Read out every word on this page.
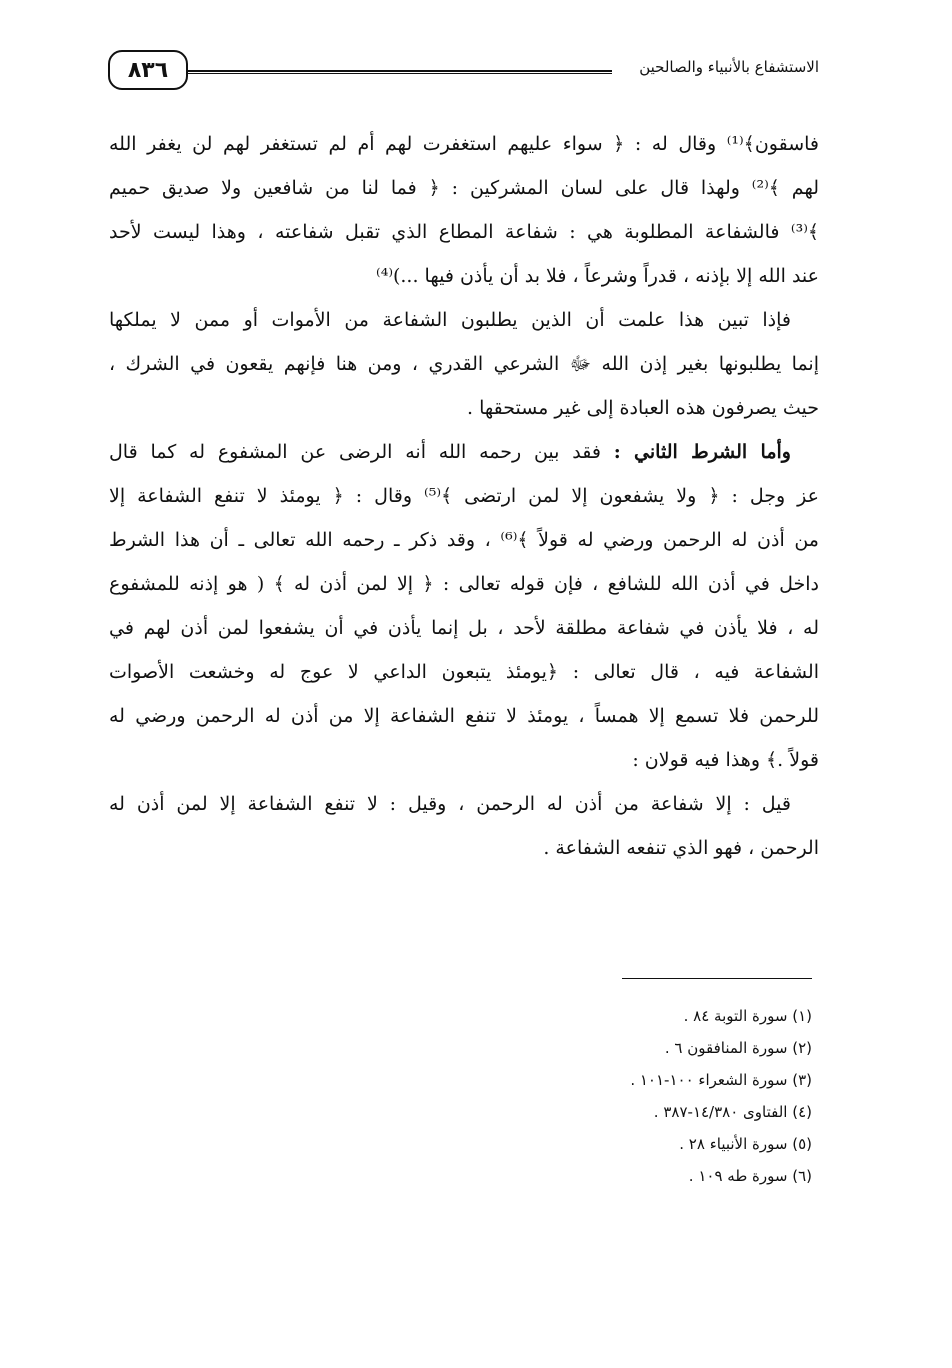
٨٣٦	الاستشفاع بالأنبياء والصالحين
فاسقون﴾⁽¹⁾ وقال له : ﴿ سواء عليهم استغفرت لهم أم لم تستغفر لهم لن يغفر الله
لهم ﴾⁽²⁾ ولهذا قال على لسان المشركين : ﴿ فما لنا من شافعين ولا صديق حميم
﴾⁽³⁾ فالشفاعة المطلوبة هي : شفاعة المطاع الذي تقبل شفاعته ، وهذا ليست لأحد
عند الله إلا بإذنه ، قدراً وشرعاً ، فلا بد أن يأذن فيها ...)⁽⁴⁾
فإذا تبين هذا علمت أن الذين يطلبون الشفاعة من الأموات أو ممن لا يملكها
إنما يطلبونها بغير إذن الله ﷻ الشرعي القدري ، ومن هنا فإنهم يقعون في الشرك ،
حيث يصرفون هذه العبادة إلى غير مستحقها .
وأما الشرط الثاني : فقد بين رحمه الله أنه الرضى عن المشفوع له كما قال
عز وجل : ﴿ ولا يشفعون إلا لمن ارتضى ﴾⁽⁵⁾ وقال : ﴿ يومئذ لا تنفع الشفاعة إلا
من أذن له الرحمن ورضي له قولاً ﴾⁽⁶⁾ ، وقد ذكر ـ رحمه الله تعالى ـ أن هذا الشرط
داخل في أذن الله للشافع ، فإن قوله تعالى : ﴿ إلا لمن أذن له ﴾ ( هو إذنه للمشفوع
له ، فلا يأذن في شفاعة مطلقة لأحد ، بل إنما يأذن في أن يشفعوا لمن أذن لهم في
الشفاعة فيه ، قال تعالى : ﴿يومئذ يتبعون الداعي لا عوج له وخشعت الأصوات
للرحمن فلا تسمع إلا همساً ، يومئذ لا تنفع الشفاعة إلا من أذن له الرحمن ورضي له
قولاً .﴾ وهذا فيه قولان :
قيل : إلا شفاعة من أذن له الرحمن ، وقيل : لا تنفع الشفاعة إلا لمن أذن له
الرحمن ، فهو الذي تنفعه الشفاعة .
(١) سورة التوبة ٨٤ .
(٢) سورة المنافقون ٦ .
(٣) سورة الشعراء ١٠٠-١٠١ .
(٤) الفتاوى ١٤/٣٨٠-٣٨٧ .
(٥) سورة الأنبياء ٢٨ .
(٦) سورة طه ١٠٩ .
